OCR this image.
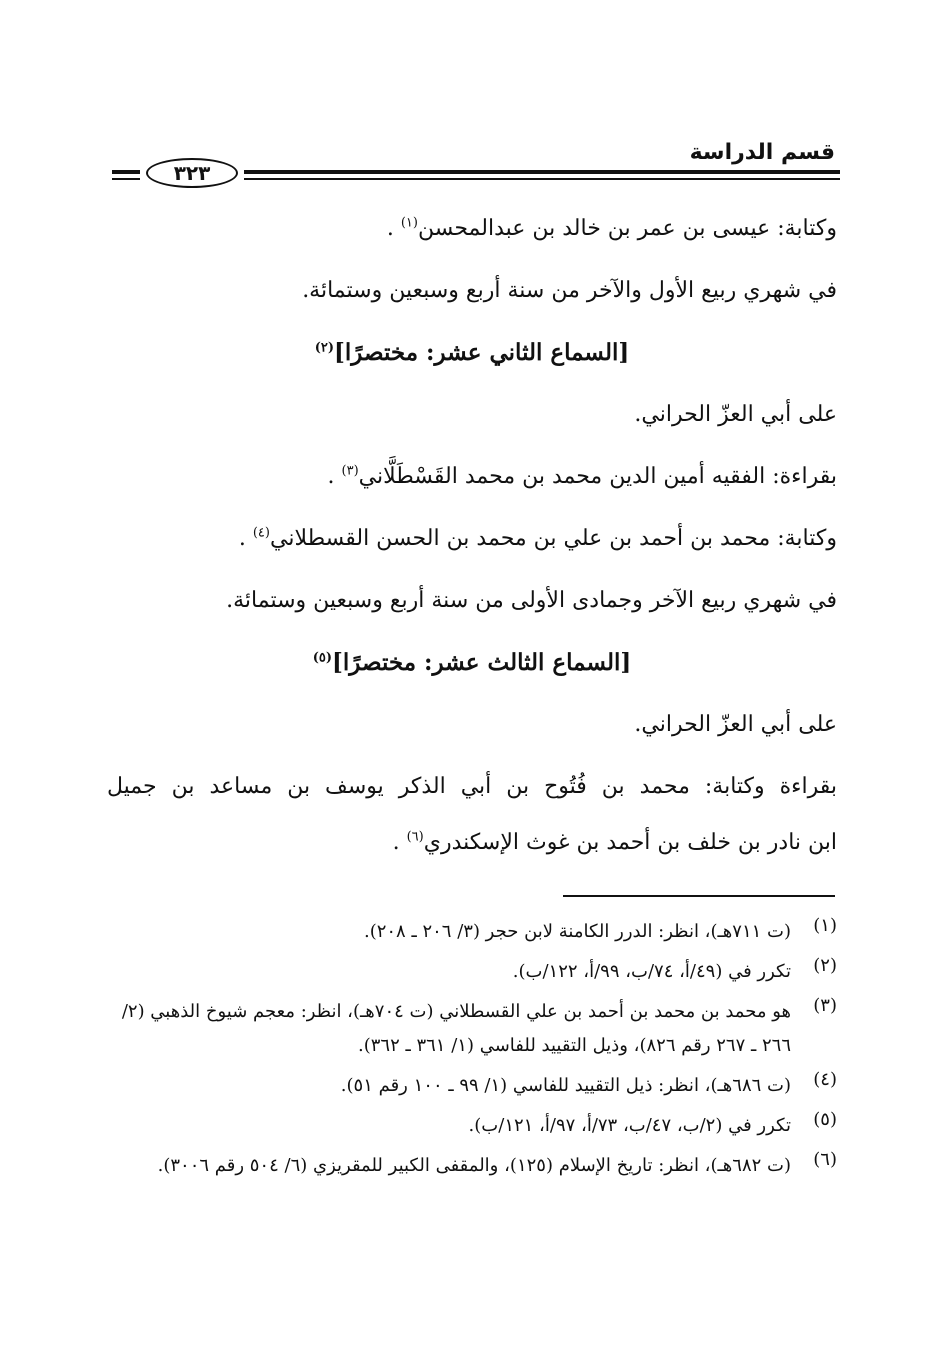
قسم الدراسة
٣٢٣
وكتابة: عيسى بن عمر بن خالد بن عبدالمحسن$^{(١)}$ .
في شهري ربيع الأول والآخر من سنة أربع وسبعين وستمائة.
[السماع الثاني عشر: مختصرًا]$^{(٢)}$
على أبي العزّ الحراني.
بقراءة: الفقيه أمين الدين محمد بن محمد القَسْطَلَّاني$^{(٣)}$ .
وكتابة: محمد بن أحمد بن علي بن محمد بن الحسن القسطلاني$^{(٤)}$ .
في شهري ربيع الآخر وجمادى الأولى من سنة أربع وسبعين وستمائة.
[السماع الثالث عشر: مختصرًا]$^{(٥)}$
على أبي العزّ الحراني.
بقراءة وكتابة: محمد بن فُتُوح بن أبي الذكر يوسف بن مساعد بن جميل
ابن نادر بن خلف بن أحمد بن غوث الإسكندري$^{(٦)}$ .
(١)
(ت ٧١١هـ)، انظر: الدرر الكامنة لابن حجر (٣/ ٢٠٦ ـ ٢٠٨).
(٢)
تكرر في (٤٩/أ، ٧٤/ب، ٩٩/أ، ١٢٢/ب).
(٣)
هو محمد بن محمد بن أحمد بن علي القسطلاني (ت ٧٠٤هـ)، انظر: معجم شيوخ الذهبي (٢/ ٢٦٦ ـ ٢٦٧ رقم ٨٢٦)، وذيل التقييد للفاسي (١/ ٣٦١ ـ ٣٦٢).
(٤)
(ت ٦٨٦هـ)، انظر: ذيل التقييد للفاسي (١/ ٩٩ ـ ١٠٠ رقم ٥١).
(٥)
تكرر في (٢/ب، ٤٧/ب، ٧٣/أ، ٩٧/أ، ١٢١/ب).
(٦)
(ت ٦٨٢هـ)، انظر: تاريخ الإسلام (١٢٥)، والمقفى الكبير للمقريزي (٦/ ٥٠٤ رقم ٣٠٠٦).
